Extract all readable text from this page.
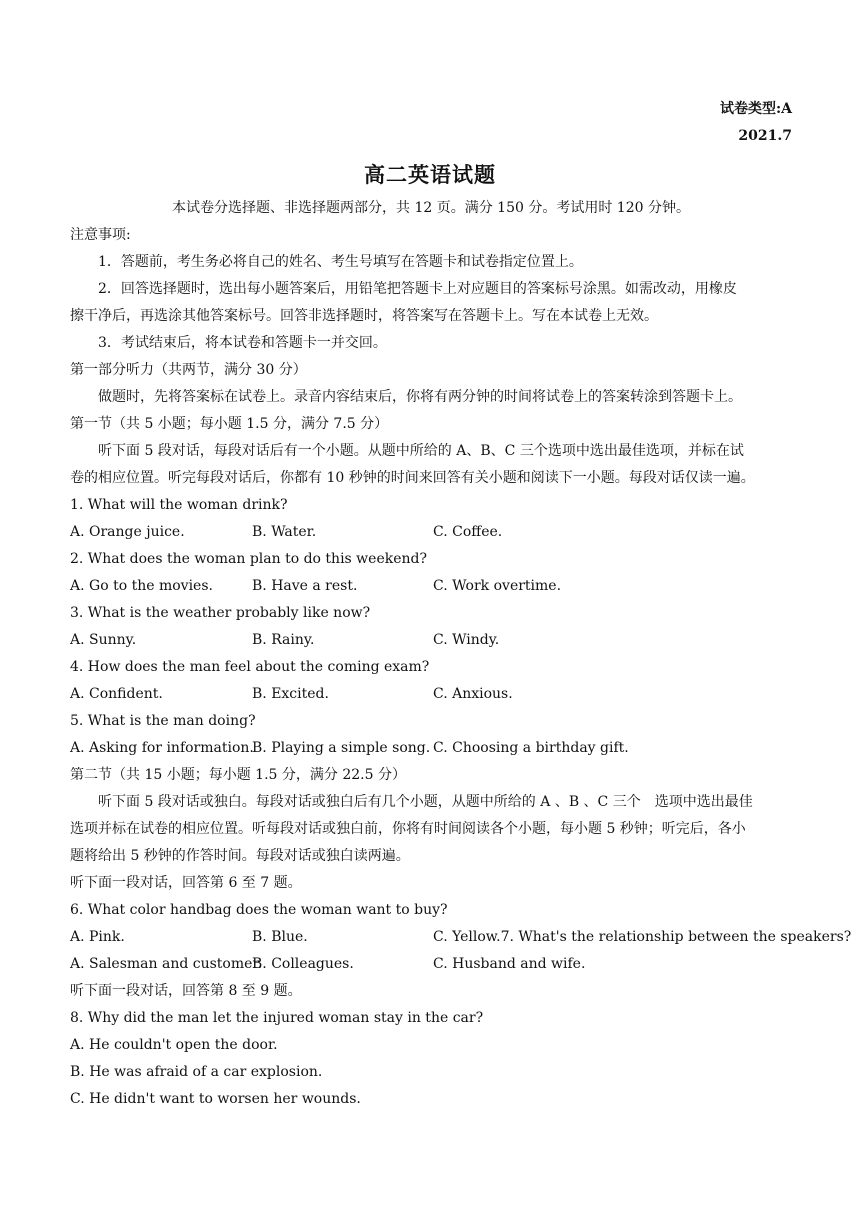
试卷类型:A
2021.7
高二英语试题
本试卷分选择题、非选择题两部分，共 12 页。满分 150 分。考试用时 120 分钟。
注意事项:
1．答题前，考生务必将自己的姓名、考生号填写在答题卡和试卷指定位置上。
2．回答选择题时，选出每小题答案后，用铅笔把答题卡上对应题目的答案标号涂黑。如需改动，用橡皮
擦干净后，再选涂其他答案标号。回答非选择题时，将答案写在答题卡上。写在本试卷上无效。
3．考试结束后，将本试卷和答题卡一并交回。
第一部分听力（共两节，满分 30 分）
做题时，先将答案标在试卷上。录音内容结束后，你将有两分钟的时间将试卷上的答案转涂到答题卡上。
第一节（共 5 小题；每小题 1.5 分，满分 7.5 分）
听下面 5 段对话，每段对话后有一个小题。从题中所给的 A、B、C 三个选项中选出最佳选项，并标在试
卷的相应位置。听完每段对话后，你都有 10 秒钟的时间来回答有关小题和阅读下一小题。每段对话仅读一遍。
1. What will the woman drink?
A. Orange juice.	B. Water.	C. Coffee.
2. What does the woman plan to do this weekend?
A. Go to the movies.	B. Have a rest.	C. Work overtime.
3. What is the weather probably like now?
A. Sunny.	B. Rainy.	C. Windy.
4. How does the man feel about the coming exam?
A. Confident.	B. Excited.	C. Anxious.
5. What is the man doing?
A. Asking for information.
B. Playing a simple song. C. Choosing a birthday gift.
第二节（共 15 小题；每小题 1.5 分，满分 22.5 分）
听下面 5 段对话或独白。每段对话或独白后有几个小题，从题中所给的 A 、B 、C 三个　选项中选出最佳
选项并标在试卷的相应位置。听每段对话或独白前，你将有时间阅读各个小题，每小题 5 秒钟；听完后，各小
题将给出 5 秒钟的作答时间。每段对话或独白读两遍。
听下面一段对话，回答第 6 至 7 题。
6. What color handbag does the woman want to buy?
A. Pink.	B. Blue.	C. Yellow.7. What's the relationship between the speakers?
A. Salesman and customer.
B. Colleagues.	C. Husband and wife.
听下面一段对话，回答第 8 至 9 题。
8. Why did the man let the injured woman stay in the car?
A. He couldn't open the door.
B. He was afraid of a car explosion.
C. He didn't want to worsen her wounds.
